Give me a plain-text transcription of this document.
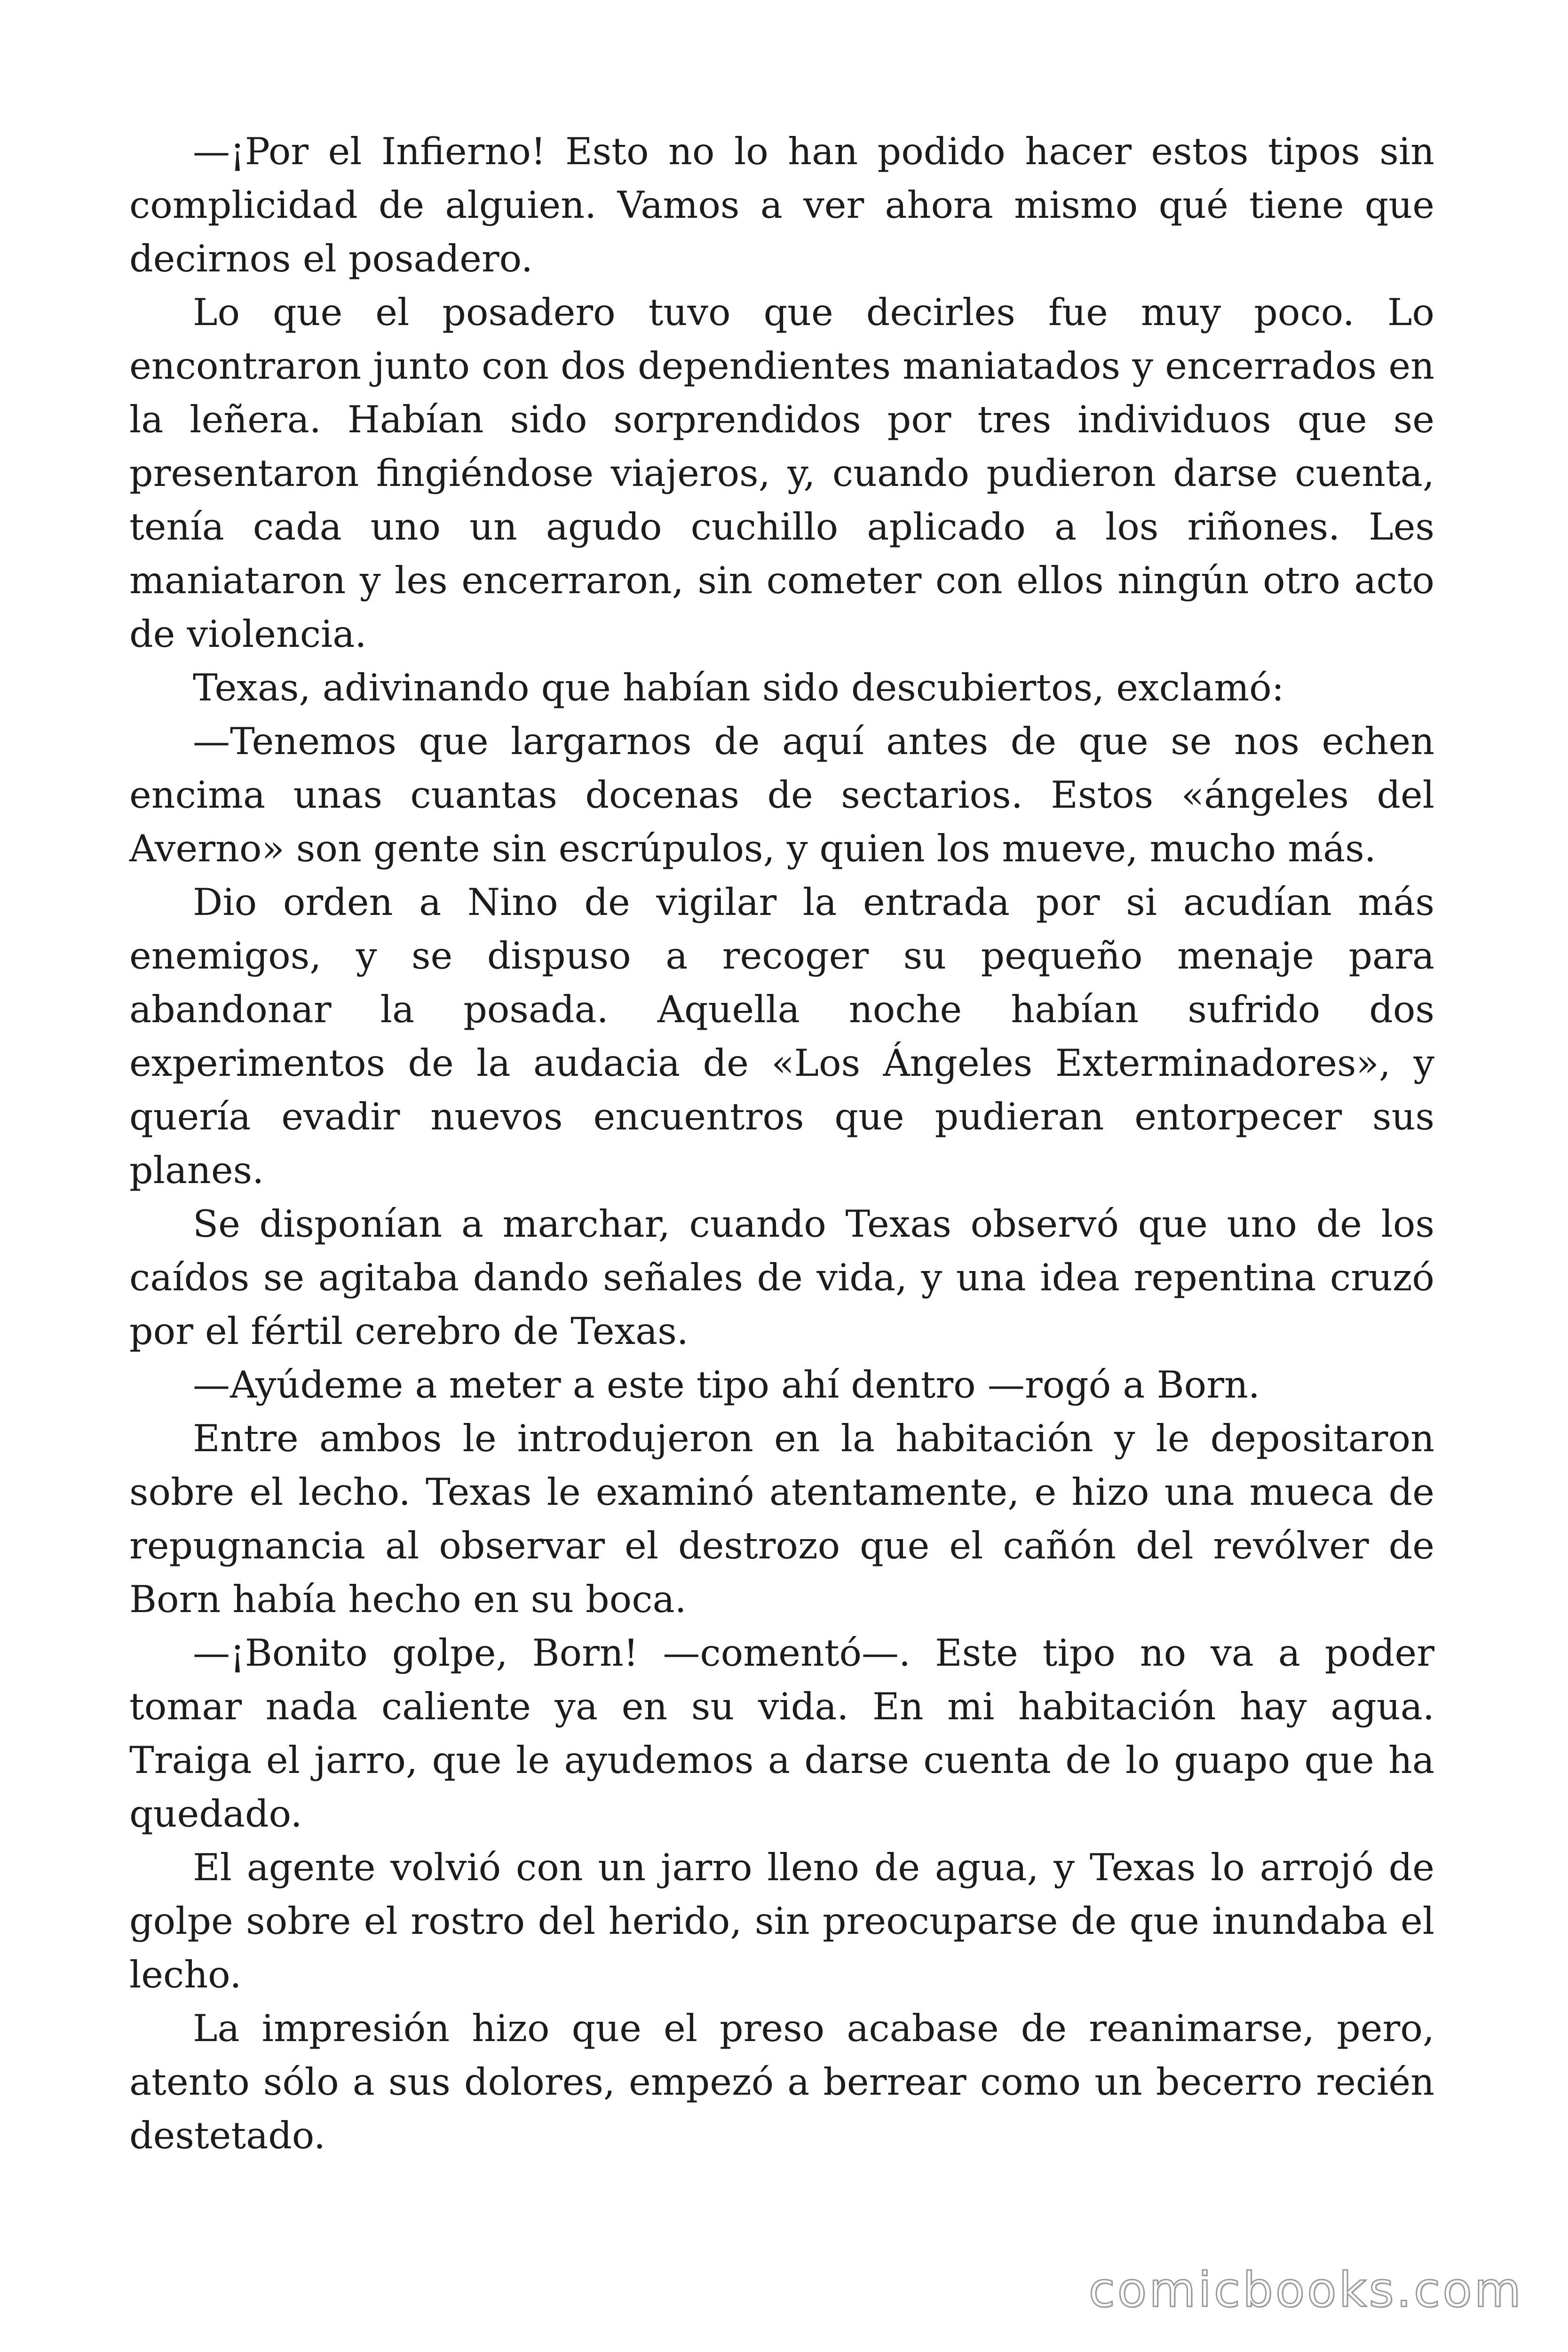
—¡Por el Infierno! Esto no lo han podido hacer estos tipos sin complicidad de alguien. Vamos a ver ahora mismo qué tiene que decirnos el posadero.

Lo que el posadero tuvo que decirles fue muy poco. Lo encontraron junto con dos dependientes maniatados y encerrados en la leñera. Habían sido sorprendidos por tres individuos que se presentaron fingiéndose viajeros, y, cuando pudieron darse cuenta, tenía cada uno un agudo cuchillo aplicado a los riñones. Les maniataron y les encerraron, sin cometer con ellos ningún otro acto de violencia.

Texas, adivinando que habían sido descubiertos, exclamó:

—Tenemos que largarnos de aquí antes de que se nos echen encima unas cuantas docenas de sectarios. Estos «ángeles del Averno» son gente sin escrúpulos, y quien los mueve, mucho más.

Dio orden a Nino de vigilar la entrada por si acudían más enemigos, y se dispuso a recoger su pequeño menaje para abandonar la posada. Aquella noche habían sufrido dos experimentos de la audacia de «Los Ángeles Exterminadores», y quería evadir nuevos encuentros que pudieran entorpecer sus planes.

Se disponían a marchar, cuando Texas observó que uno de los caídos se agitaba dando señales de vida, y una idea repentina cruzó por el fértil cerebro de Texas.

—Ayúdeme a meter a este tipo ahí dentro —rogó a Born.

Entre ambos le introdujeron en la habitación y le depositaron sobre el lecho. Texas le examinó atentamente, e hizo una mueca de repugnancia al observar el destrozo que el cañón del revólver de Born había hecho en su boca.

—¡Bonito golpe, Born! —comentó—. Este tipo no va a poder tomar nada caliente ya en su vida. En mi habitación hay agua. Traiga el jarro, que le ayudemos a darse cuenta de lo guapo que ha quedado.

El agente volvió con un jarro lleno de agua, y Texas lo arrojó de golpe sobre el rostro del herido, sin preocuparse de que inundaba el lecho.

La impresión hizo que el preso acabase de reanimarse, pero, atento sólo a sus dolores, empezó a berrear como un becerro recién destetado.

comicbooks.com
